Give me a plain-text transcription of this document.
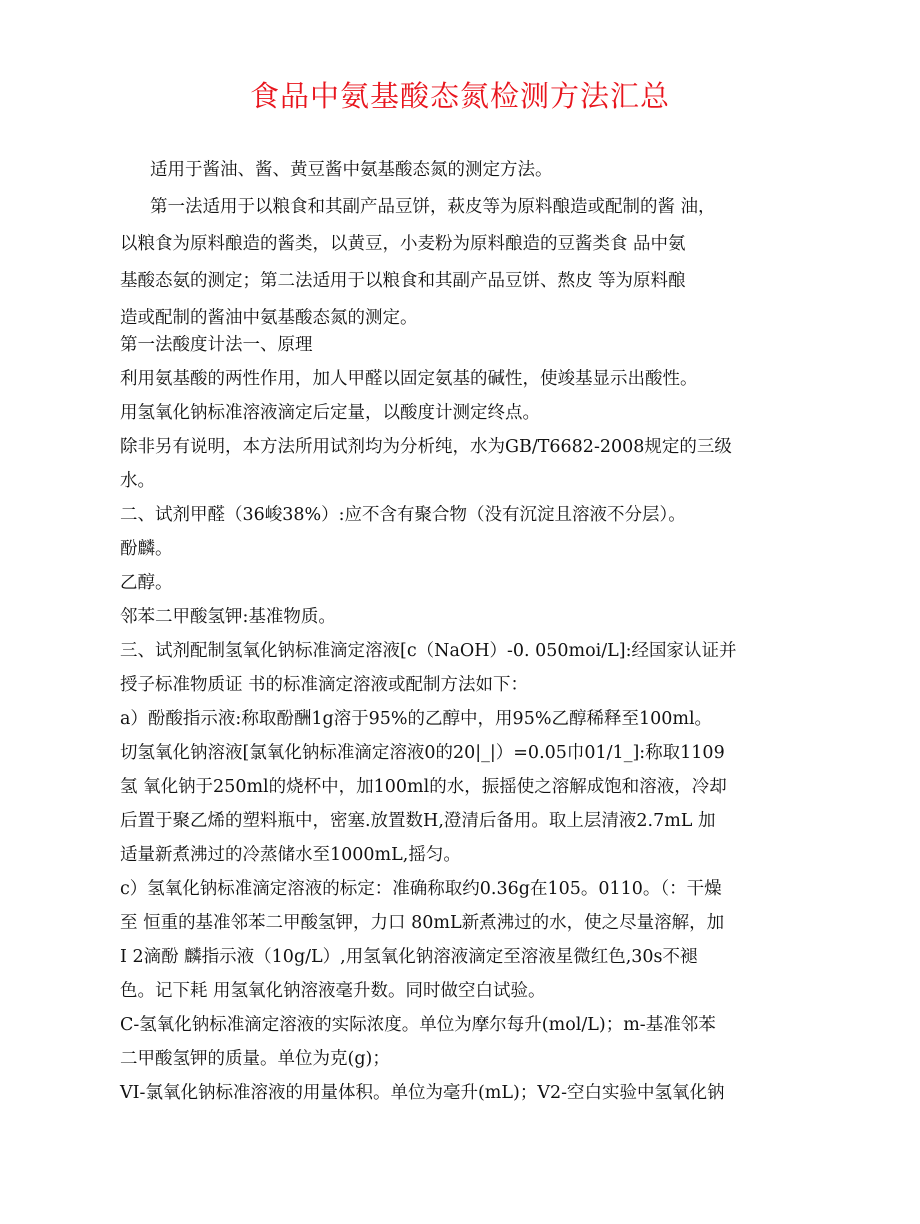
食品中氨基酸态氮检测方法汇总

适用于酱油、酱、黄豆酱中氨基酸态氮的测定方法。

第一法适用于以粮食和其副产品豆饼，萩皮等为原料酿造或配制的酱 油，

以粮食为原料酿造的酱类，以黄豆，小麦粉为原料酿造的豆酱类食 品中氨

基酸态氨的测定；第二法适用于以粮食和其副产品豆饼、熬皮 等为原料酿

造或配制的酱油中氨基酸态氮的测定。

第一法酸度计法一、原理

利用氨基酸的两性作用，加人甲醛以固定氨基的碱性，使竣基显示出酸性。

用氢氧化钠标准溶液滴定后定量，以酸度计测定终点。

除非另有说明，本方法所用试剂均为分析纯，水为GB/T6682-2008规定的三级

水。

二、试剂甲醛（36峻38%）:应不含有聚合物（没有沉淀且溶液不分层）。

酚麟。

乙醇。

邻苯二甲酸氢钾:基准物质。

三、试剂配制氢氧化钠标准滴定溶液[c（NaOH）-0. 050moi/L]:经国家认证并

授子标准物质证 书的标准滴定溶液或配制方法如下：

a）酚酸指示液:称取酚酬1g溶于95%的乙醇中，用95%乙醇稀释至100ml。

切氢氧化钠溶液[氯氧化钠标准滴定溶液0的20|_|）=0.05巾01/1_]:称取1109

氢 氧化钠于250ml的烧杯中，加100ml的水，振摇使之溶解成饱和溶液，冷却

后置于聚乙烯的塑料瓶中，密塞.放置数H,澄清后备用。取上层清液2.7mL 加

适量新煮沸过的冷蒸储水至1000mL,摇匀。

c）氢氧化钠标准滴定溶液的标定：准确称取约0.36g在105。0110。（：干燥

至 恒重的基准邻苯二甲酸氢钾，力口 80mL新煮沸过的水，使之尽量溶解，加

I 2滴酚 麟指示液（10g/L）,用氢氧化钠溶液滴定至溶液星微红色,30s不褪

色。记下耗 用氢氧化钠溶液毫升数。同时做空白试验。

C-氢氧化钠标准滴定溶液的实际浓度。单位为摩尔每升(mol/L)；m-基准邻苯

二甲酸氢钾的质量。单位为克(g)；

VI-氯氧化钠标准溶液的用量体积。单位为毫升(mL)；V2-空白实验中氢氧化钠
